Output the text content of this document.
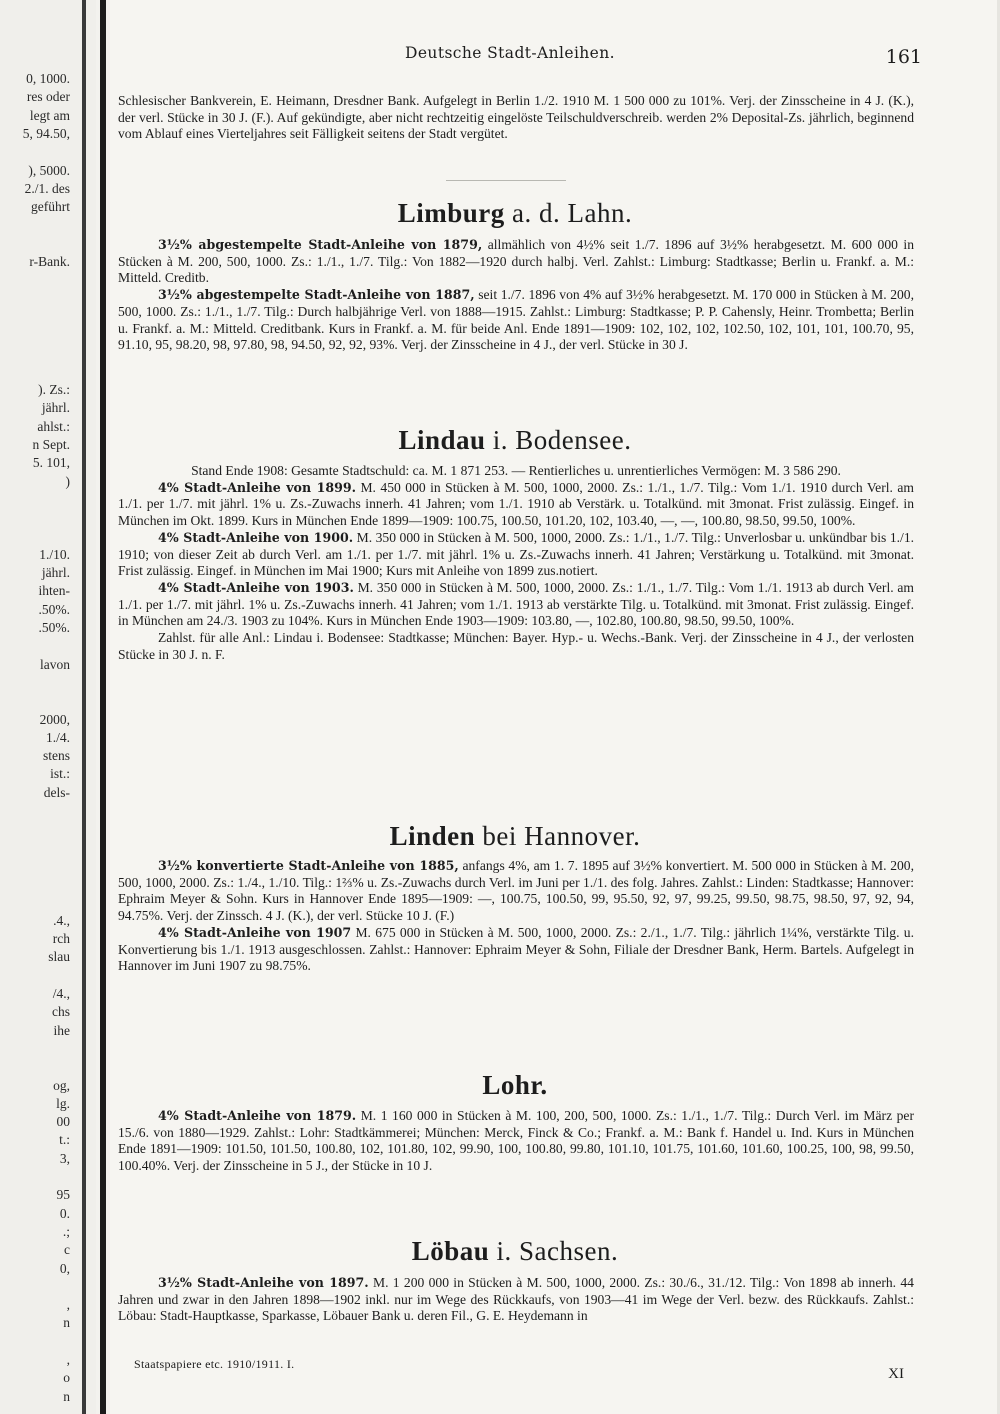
0, 1000.
res oder
legt am
5, 94.50,
), 5000.
2./1. des
geführt
r-Bank.
). Zs.:
jährl.
ahlst.:
n Sept.
5. 101,
)
1./10.
jährl.
ihten-
.50%.
.50%.
lavon
2000,
1./4.
stens
ist.:
dels-
.4.,
rch
slau
/4.,
chs
ihe
og,
lg.
00
t.:
3,
95
0.
.;
c
0,
,
n
,
o
n
Deutsche Stadt-Anleihen.	161

Schlesischer Bankverein, E. Heimann, Dresdner Bank. Aufgelegt in Berlin 1./2. 1910 M. 1 500 000 zu 101%. Verj. der Zinsscheine in 4 J. (K.), der verl. Stücke in 30 J. (F.). Auf gekündigte, aber nicht rechtzeitig eingelöste Teilschuldverschreib. werden 2% Deposital-Zs. jährlich, beginnend vom Ablauf eines Vierteljahres seit Fälligkeit seitens der Stadt vergütet.

Limburg a. d. Lahn.

3½% abgestempelte Stadt-Anleihe von 1879, allmählich von 4½% seit 1./7. 1896 auf 3½% herabgesetzt. M. 600 000 in Stücken à M. 200, 500, 1000. Zs.: 1./1., 1./7. Tilg.: Von 1882—1920 durch halbj. Verl. Zahlst.: Limburg: Stadtkasse; Berlin u. Frankf. a. M.: Mitteld. Creditb.

3½% abgestempelte Stadt-Anleihe von 1887, seit 1./7. 1896 von 4% auf 3½% herabgesetzt. M. 170 000 in Stücken à M. 200, 500, 1000. Zs.: 1./1., 1./7. Tilg.: Durch halbjährige Verl. von 1888—1915. Zahlst.: Limburg: Stadtkasse; P. P. Cahensly, Heinr. Trombetta; Berlin u. Frankf. a. M.: Mitteld. Creditbank. Kurs in Frankf. a. M. für beide Anl. Ende 1891—1909: 102, 102, 102, 102.50, 102, 101, 101, 100.70, 95, 91.10, 95, 98.20, 98, 97.80, 98, 94.50, 92, 92, 93%. Verj. der Zinsscheine in 4 J., der verl. Stücke in 30 J.

Lindau i. Bodensee.

Stand Ende 1908: Gesamte Stadtschuld: ca. M. 1 871 253. — Rentierliches u. unrentierliches Vermögen: M. 3 586 290.

4% Stadt-Anleihe von 1899. M. 450 000 in Stücken à M. 500, 1000, 2000. Zs.: 1./1., 1./7. Tilg.: Vom 1./1. 1910 durch Verl. am 1./1. per 1./7. mit jährl. 1% u. Zs.-Zuwachs innerh. 41 Jahren; vom 1./1. 1910 ab Verstärk. u. Totalkünd. mit 3monat. Frist zulässig. Eingef. in München im Okt. 1899. Kurs in München Ende 1899—1909: 100.75, 100.50, 101.20, 102, 103.40, —, —, 100.80, 98.50, 99.50, 100%.

4% Stadt-Anleihe von 1900. M. 350 000 in Stücken à M. 500, 1000, 2000. Zs.: 1./1., 1./7. Tilg.: Unverlosbar u. unkündbar bis 1./1. 1910; von dieser Zeit ab durch Verl. am 1./1. per 1./7. mit jährl. 1% u. Zs.-Zuwachs innerh. 41 Jahren; Verstärkung u. Totalkünd. mit 3monat. Frist zulässig. Eingef. in München im Mai 1900; Kurs mit Anleihe von 1899 zus.notiert.

4% Stadt-Anleihe von 1903. M. 350 000 in Stücken à M. 500, 1000, 2000. Zs.: 1./1., 1./7. Tilg.: Vom 1./1. 1913 ab durch Verl. am 1./1. per 1./7. mit jährl. 1% u. Zs.-Zuwachs innerh. 41 Jahren; vom 1./1. 1913 ab verstärkte Tilg. u. Totalkünd. mit 3monat. Frist zulässig. Eingef. in München am 24./3. 1903 zu 104%. Kurs in München Ende 1903—1909: 103.80, —, 102.80, 100.80, 98.50, 99.50, 100%.

Zahlst. für alle Anl.: Lindau i. Bodensee: Stadtkasse; München: Bayer. Hyp.- u. Wechs.-Bank. Verj. der Zinsscheine in 4 J., der verlosten Stücke in 30 J. n. F.

Linden bei Hannover.

3½% konvertierte Stadt-Anleihe von 1885, anfangs 4%, am 1. 7. 1895 auf 3½% konvertiert. M. 500 000 in Stücken à M. 200, 500, 1000, 2000. Zs.: 1./4., 1./10. Tilg.: 1⅔% u. Zs.-Zuwachs durch Verl. im Juni per 1./1. des folg. Jahres. Zahlst.: Linden: Stadtkasse; Hannover: Ephraim Meyer & Sohn. Kurs in Hannover Ende 1895—1909: —, 100.75, 100.50, 99, 95.50, 92, 97, 99.25, 99.50, 98.75, 98.50, 97, 92, 94, 94.75%. Verj. der Zinssch. 4 J. (K.), der verl. Stücke 10 J. (F.)

4% Stadt-Anleihe von 1907 M. 675 000 in Stücken à M. 500, 1000, 2000. Zs.: 2./1., 1./7. Tilg.: jährlich 1¼%, verstärkte Tilg. u. Konvertierung bis 1./1. 1913 ausgeschlossen. Zahlst.: Hannover: Ephraim Meyer & Sohn, Filiale der Dresdner Bank, Herm. Bartels. Aufgelegt in Hannover im Juni 1907 zu 98.75%.

Lohr.

4% Stadt-Anleihe von 1879. M. 1 160 000 in Stücken à M. 100, 200, 500, 1000. Zs.: 1./1., 1./7. Tilg.: Durch Verl. im März per 15./6. von 1880—1929. Zahlst.: Lohr: Stadtkämmerei; München: Merck, Finck & Co.; Frankf. a. M.: Bank f. Handel u. Ind. Kurs in München Ende 1891—1909: 101.50, 101.50, 100.80, 102, 101.80, 102, 99.90, 100, 100.80, 99.80, 101.10, 101.75, 101.60, 101.60, 100.25, 100, 98, 99.50, 100.40%. Verj. der Zinsscheine in 5 J., der Stücke in 10 J.

Löbau i. Sachsen.

3½% Stadt-Anleihe von 1897. M. 1 200 000 in Stücken à M. 500, 1000, 2000. Zs.: 30./6., 31./12. Tilg.: Von 1898 ab innerh. 44 Jahren und zwar in den Jahren 1898—1902 inkl. nur im Wege des Rückkaufs, von 1903—41 im Wege der Verl. bezw. des Rückkaufs. Zahlst.: Löbau: Stadt-Hauptkasse, Sparkasse, Löbauer Bank u. deren Fil., G. E. Heydemann in

Staatspapiere etc. 1910/1911. I.
XI
